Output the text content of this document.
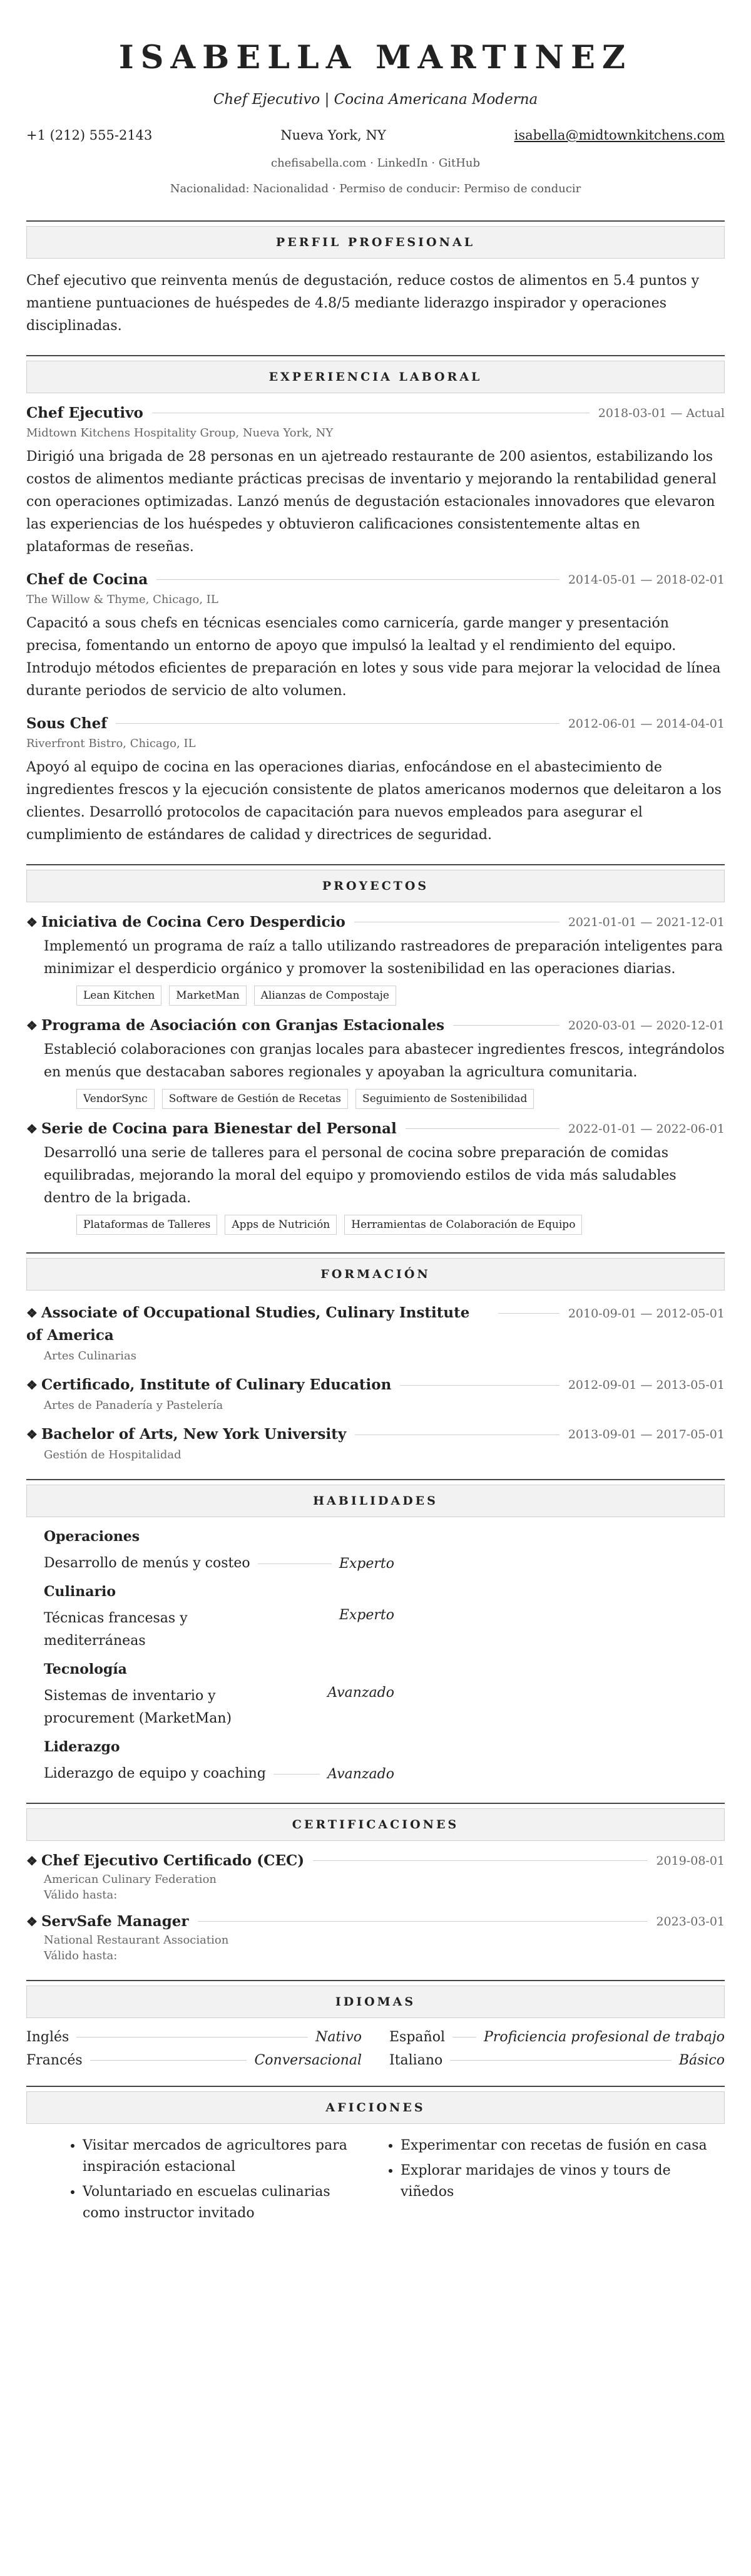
ISABELLA MARTINEZ
Chef Ejecutivo | Cocina Americana Moderna
+1 (212) 555-2143	Nueva York, NY	isabella@midtownkitchens.com
chefisabella.com · LinkedIn · GitHub
Nacionalidad: Nacionalidad · Permiso de conducir: Permiso de conducir
PERFIL PROFESIONAL
Chef ejecutivo que reinventa menús de degustación, reduce costos de alimentos en 5.4 puntos y mantiene puntuaciones de huéspedes de 4.8/5 mediante liderazgo inspirador y operaciones disciplinadas.
EXPERIENCIA LABORAL
Chef Ejecutivo	2018-03-01 — Actual
Midtown Kitchens Hospitality Group, Nueva York, NY
Dirigió una brigada de 28 personas en un ajetreado restaurante de 200 asientos, estabilizando los costos de alimentos mediante prácticas precisas de inventario y mejorando la rentabilidad general con operaciones optimizadas. Lanzó menús de degustación estacionales innovadores que elevaron las experiencias de los huéspedes y obtuvieron calificaciones consistentemente altas en plataformas de reseñas.
Chef de Cocina	2014-05-01 — 2018-02-01
The Willow & Thyme, Chicago, IL
Capacitó a sous chefs en técnicas esenciales como carnicería, garde manger y presentación precisa, fomentando un entorno de apoyo que impulsó la lealtad y el rendimiento del equipo. Introdujo métodos eficientes de preparación en lotes y sous vide para mejorar la velocidad de línea durante periodos de servicio de alto volumen.
Sous Chef	2012-06-01 — 2014-04-01
Riverfront Bistro, Chicago, IL
Apoyó al equipo de cocina en las operaciones diarias, enfocándose en el abastecimiento de ingredientes frescos y la ejecución consistente de platos americanos modernos que deleitaron a los clientes. Desarrolló protocolos de capacitación para nuevos empleados para asegurar el cumplimiento de estándares de calidad y directrices de seguridad.
PROYECTOS
❖ Iniciativa de Cocina Cero Desperdicio	2021-01-01 — 2021-12-01
Implementó un programa de raíz a tallo utilizando rastreadores de preparación inteligentes para minimizar el desperdicio orgánico y promover la sostenibilidad en las operaciones diarias.
Lean Kitchen	MarketMan	Alianzas de Compostaje
❖ Programa de Asociación con Granjas Estacionales	2020-03-01 — 2020-12-01
Estableció colaboraciones con granjas locales para abastecer ingredientes frescos, integrándolos en menús que destacaban sabores regionales y apoyaban la agricultura comunitaria.
VendorSync	Software de Gestión de Recetas	Seguimiento de Sostenibilidad
❖ Serie de Cocina para Bienestar del Personal	2022-01-01 — 2022-06-01
Desarrolló una serie de talleres para el personal de cocina sobre preparación de comidas equilibradas, mejorando la moral del equipo y promoviendo estilos de vida más saludables dentro de la brigada.
Plataformas de Talleres	Apps de Nutrición	Herramientas de Colaboración de Equipo
FORMACIÓN
❖ Associate of Occupational Studies, Culinary Institute of America
2010-09-01 — 2012-05-01
Artes Culinarias
❖ Certificado, Institute of Culinary Education	2012-09-01 — 2013-05-01
Artes de Panadería y Pastelería
❖ Bachelor of Arts, New York University	2013-09-01 — 2017-05-01
Gestión de Hospitalidad
HABILIDADES
Operaciones
Desarrollo de menús y costeo	Experto
Culinario
Técnicas francesas y mediterráneas
Experto
Tecnología
Sistemas de inventario y procurement (MarketMan)
Avanzado
Liderazgo
Liderazgo de equipo y coaching	Avanzado
CERTIFICACIONES
❖ Chef Ejecutivo Certificado (CEC)	2019-08-01
American Culinary Federation
Válido hasta:
❖ ServSafe Manager	2023-03-01
National Restaurant Association
Válido hasta:
IDIOMAS
Inglés	Nativo Español	Proficiencia profesional de trabajo
Francés	Conversacional Italiano	Básico
AFICIONES
• Visitar mercados de agricultores para inspiración estacional
• Voluntariado en escuelas culinarias como instructor invitado
• Experimentar con recetas de fusión en casa
• Explorar maridajes de vinos y tours de viñedos
